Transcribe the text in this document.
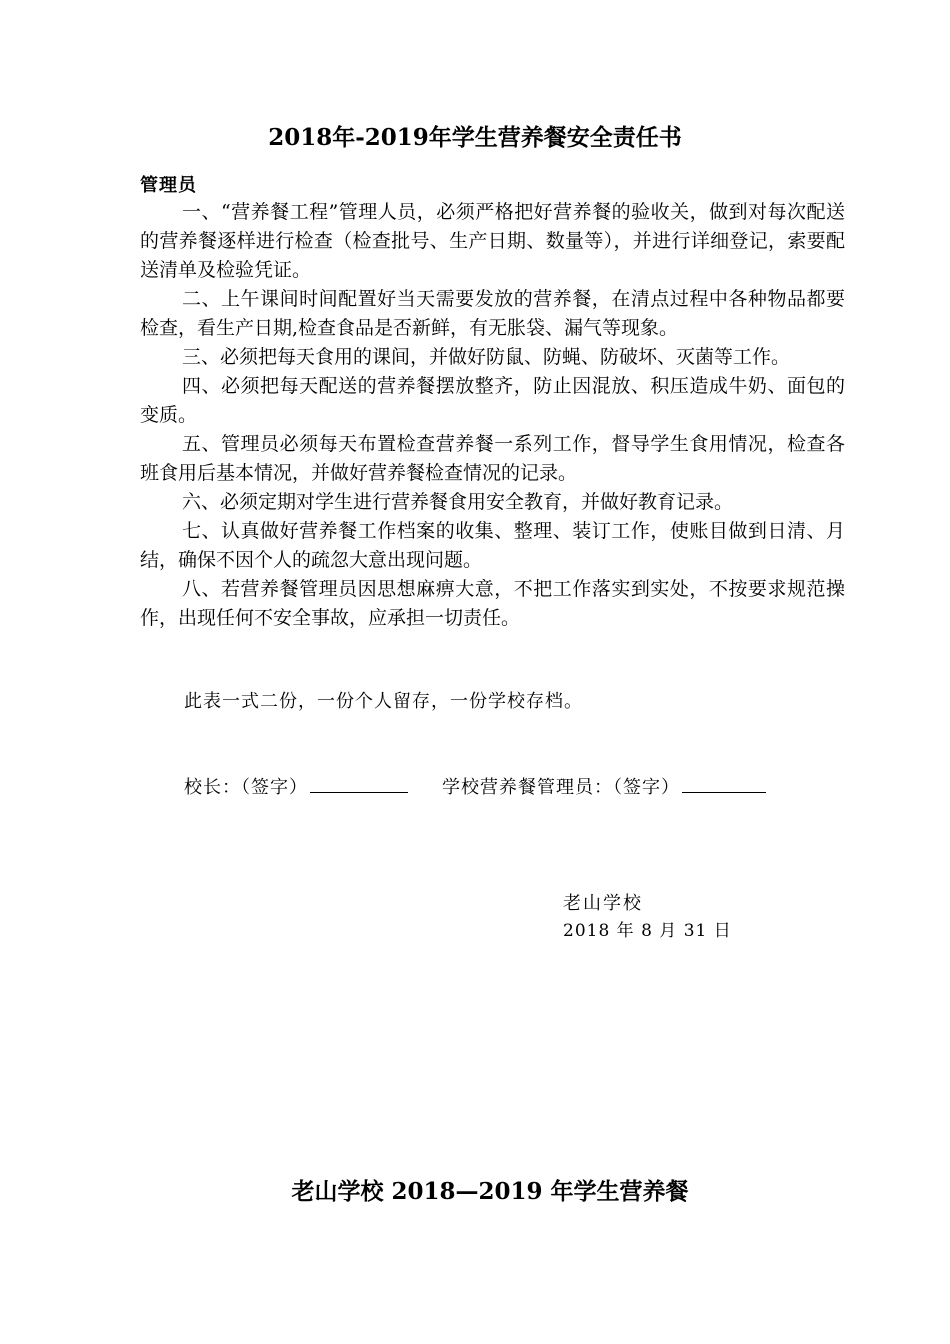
2018年-2019年学生营养餐安全责任书
管理员

一、“营养餐工程”管理人员，必须严格把好营养餐的验收关，做到对每次配送的营养餐逐样进行检查（检查批号、生产日期、数量等），并进行详细登记，索要配送清单及检验凭证。

二、上午课间时间配置好当天需要发放的营养餐，在清点过程中各种物品都要检查，看生产日期,检查食品是否新鲜，有无胀袋、漏气等现象。

三、必须把每天食用的课间，并做好防鼠、防蝇、防破坏、灭菌等工作。

四、必须把每天配送的营养餐摆放整齐，防止因混放、积压造成牛奶、面包的变质。

五、管理员必须每天布置检查营养餐一系列工作，督导学生食用情况，检查各班食用后基本情况，并做好营养餐检查情况的记录。

六、必须定期对学生进行营养餐食用安全教育，并做好教育记录。

七、认真做好营养餐工作档案的收集、整理、装订工作，使账目做到日清、月结，确保不因个人的疏忽大意出现问题。

八、若营养餐管理员因思想麻痹大意，不把工作落实到实处，不按要求规范操作，出现任何不安全事故，应承担一切责任。

此表一式二份，一份个人留存，一份学校存档。
校长：（签字）	学校营养餐管理员：（签字）
老山学校
2018 年 8 月 31 日
老山学校 2018—2019 年学生营养餐
